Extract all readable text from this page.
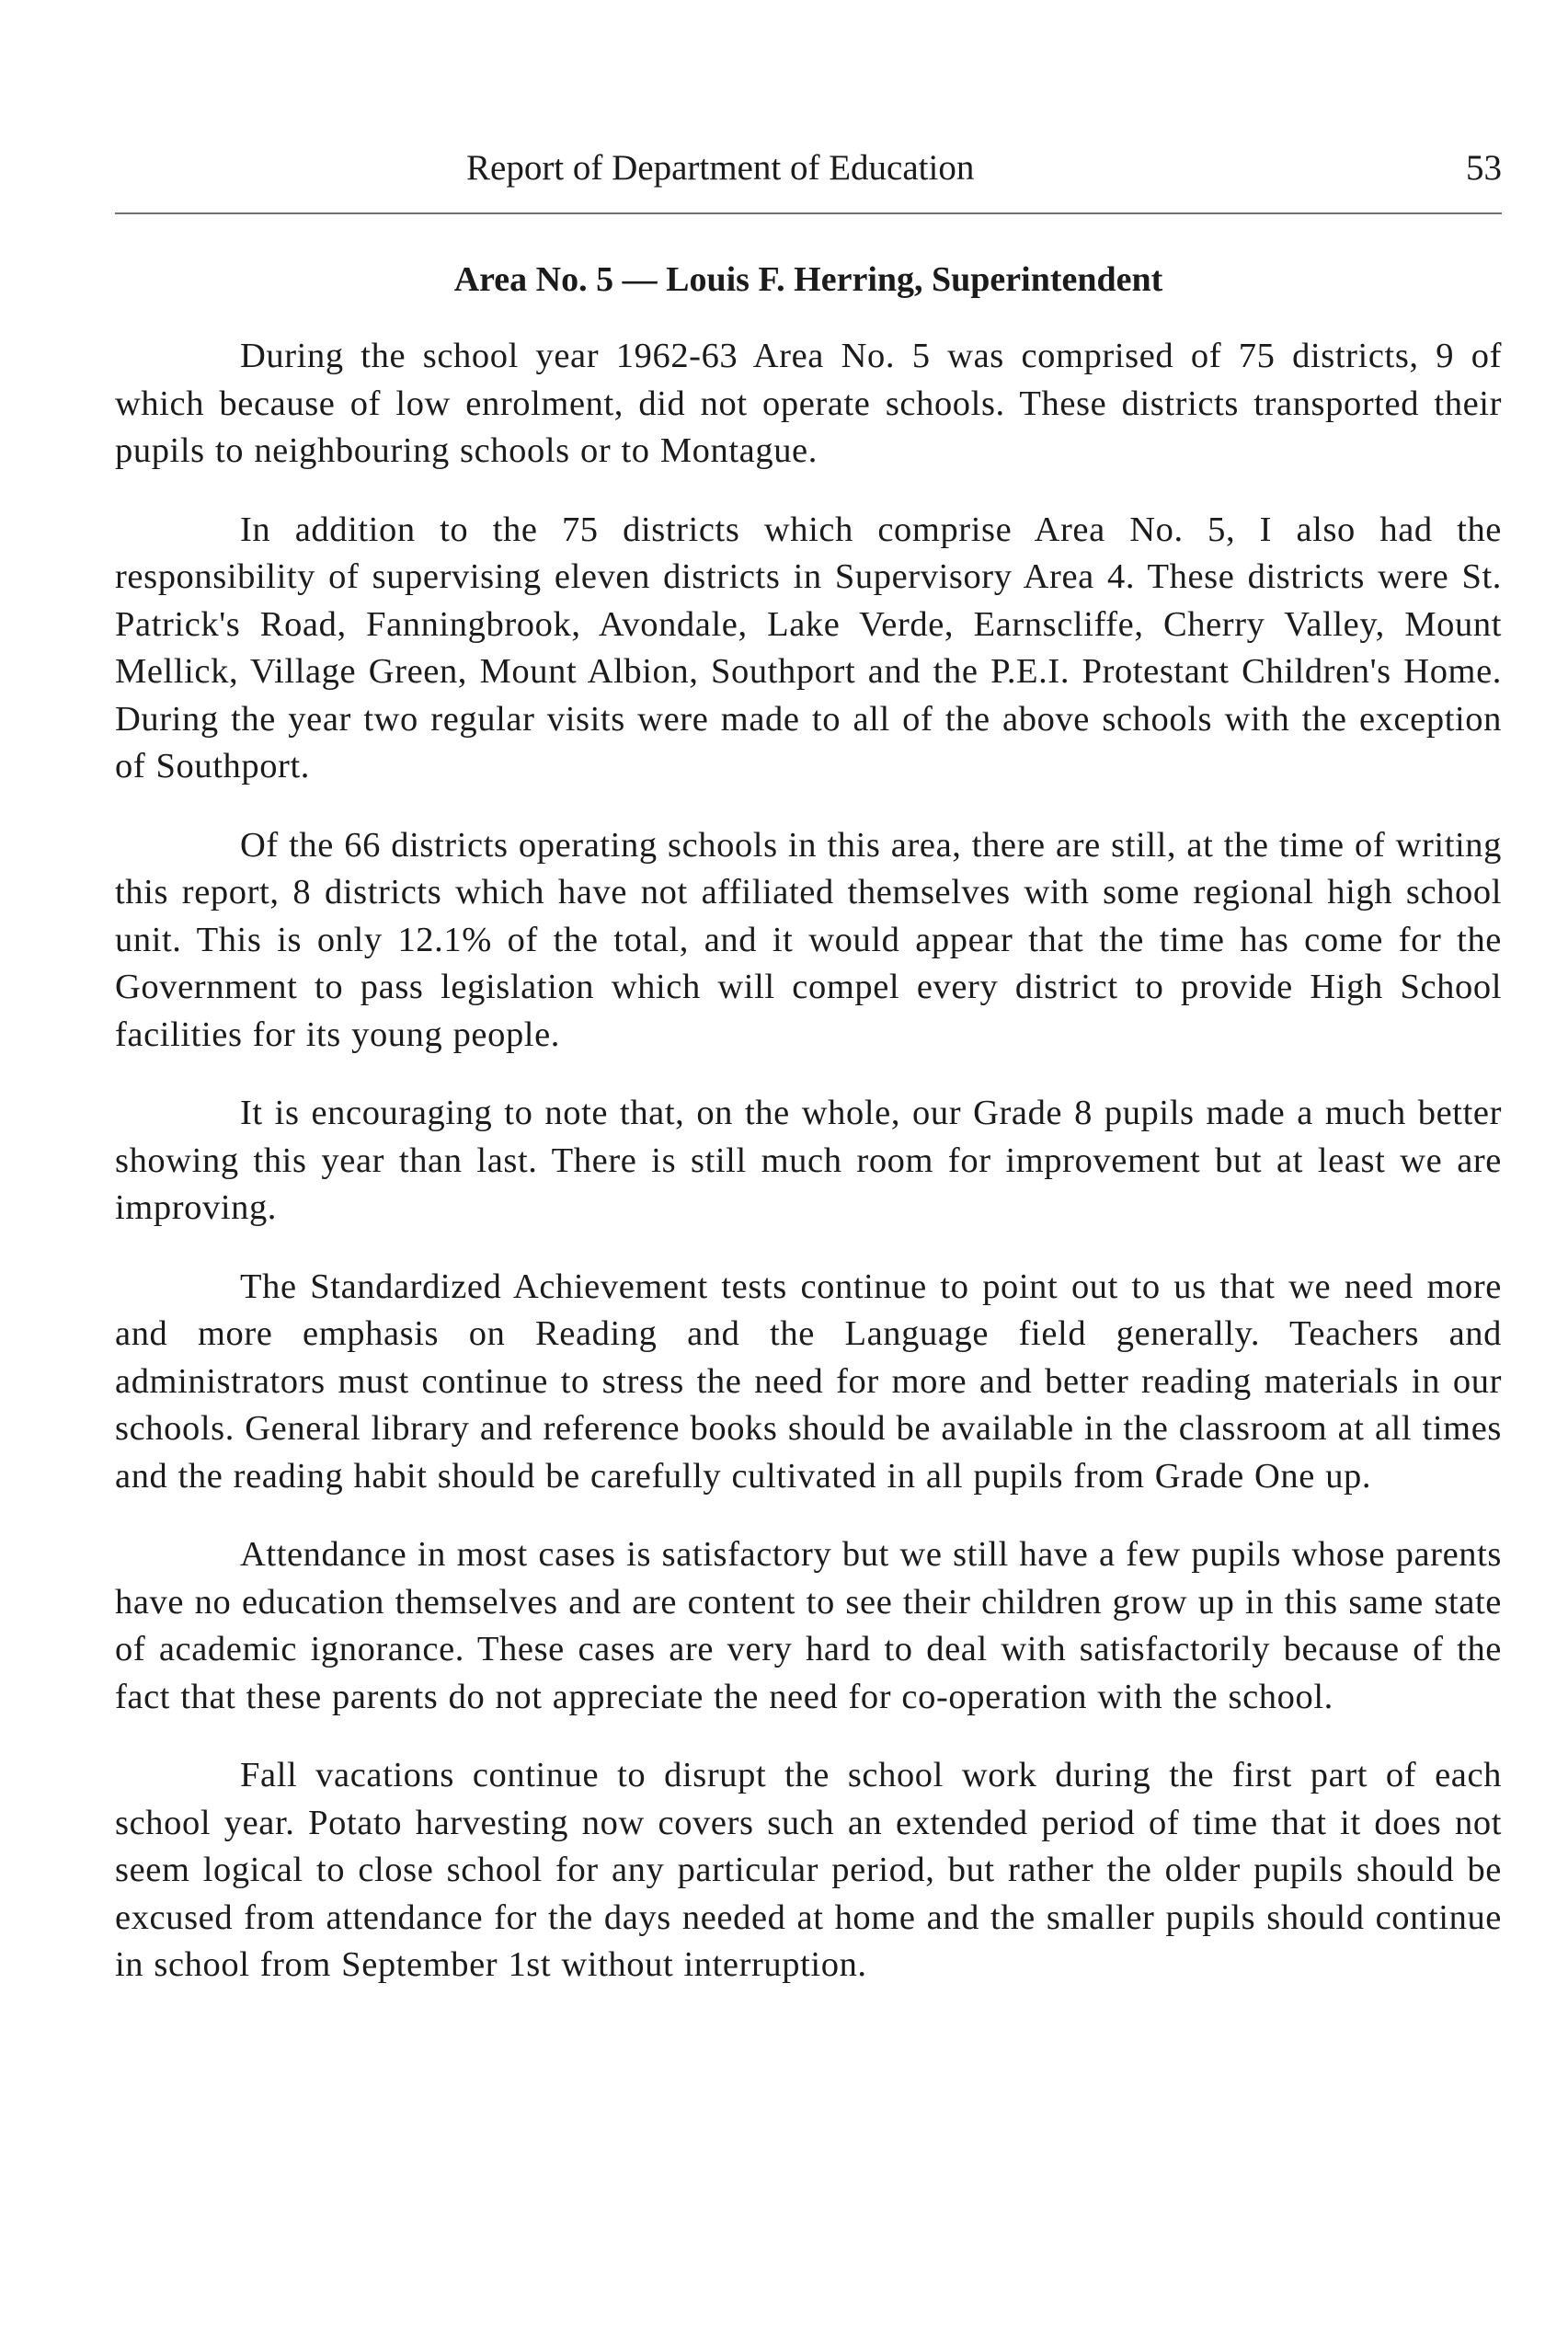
Report of Department of Education	53
Area No. 5 — Louis F. Herring, Superintendent

During the school year 1962-63 Area No. 5 was comprised of 75 districts, 9 of which because of low enrolment, did not operate schools. These districts transported their pupils to neighbouring schools or to Montague.

In addition to the 75 districts which comprise Area No. 5, I also had the responsibility of supervising eleven districts in Supervisory Area 4. These districts were St. Patrick's Road, Fanningbrook, Avondale, Lake Verde, Earnscliffe, Cherry Valley, Mount Mellick, Village Green, Mount Albion, Southport and the P.E.I. Protestant Children's Home. During the year two regular visits were made to all of the above schools with the exception of Southport.

Of the 66 districts operating schools in this area, there are still, at the time of writing this report, 8 districts which have not affiliated themselves with some regional high school unit. This is only 12.1% of the total, and it would appear that the time has come for the Government to pass legislation which will compel every district to provide High School facilities for its young people.

It is encouraging to note that, on the whole, our Grade 8 pupils made a much better showing this year than last. There is still much room for improvement but at least we are improving.

The Standardized Achievement tests continue to point out to us that we need more and more emphasis on Reading and the Language field generally. Teachers and administrators must continue to stress the need for more and better reading materials in our schools. General library and reference books should be available in the classroom at all times and the reading habit should be carefully cultivated in all pupils from Grade One up.

Attendance in most cases is satisfactory but we still have a few pupils whose parents have no education themselves and are content to see their children grow up in this same state of academic ignorance. These cases are very hard to deal with satisfactorily because of the fact that these parents do not appreciate the need for co-operation with the school.

Fall vacations continue to disrupt the school work during the first part of each school year. Potato harvesting now covers such an extended period of time that it does not seem logical to close school for any particular period, but rather the older pupils should be excused from attendance for the days needed at home and the smaller pupils should continue in school from September 1st without interruption.
